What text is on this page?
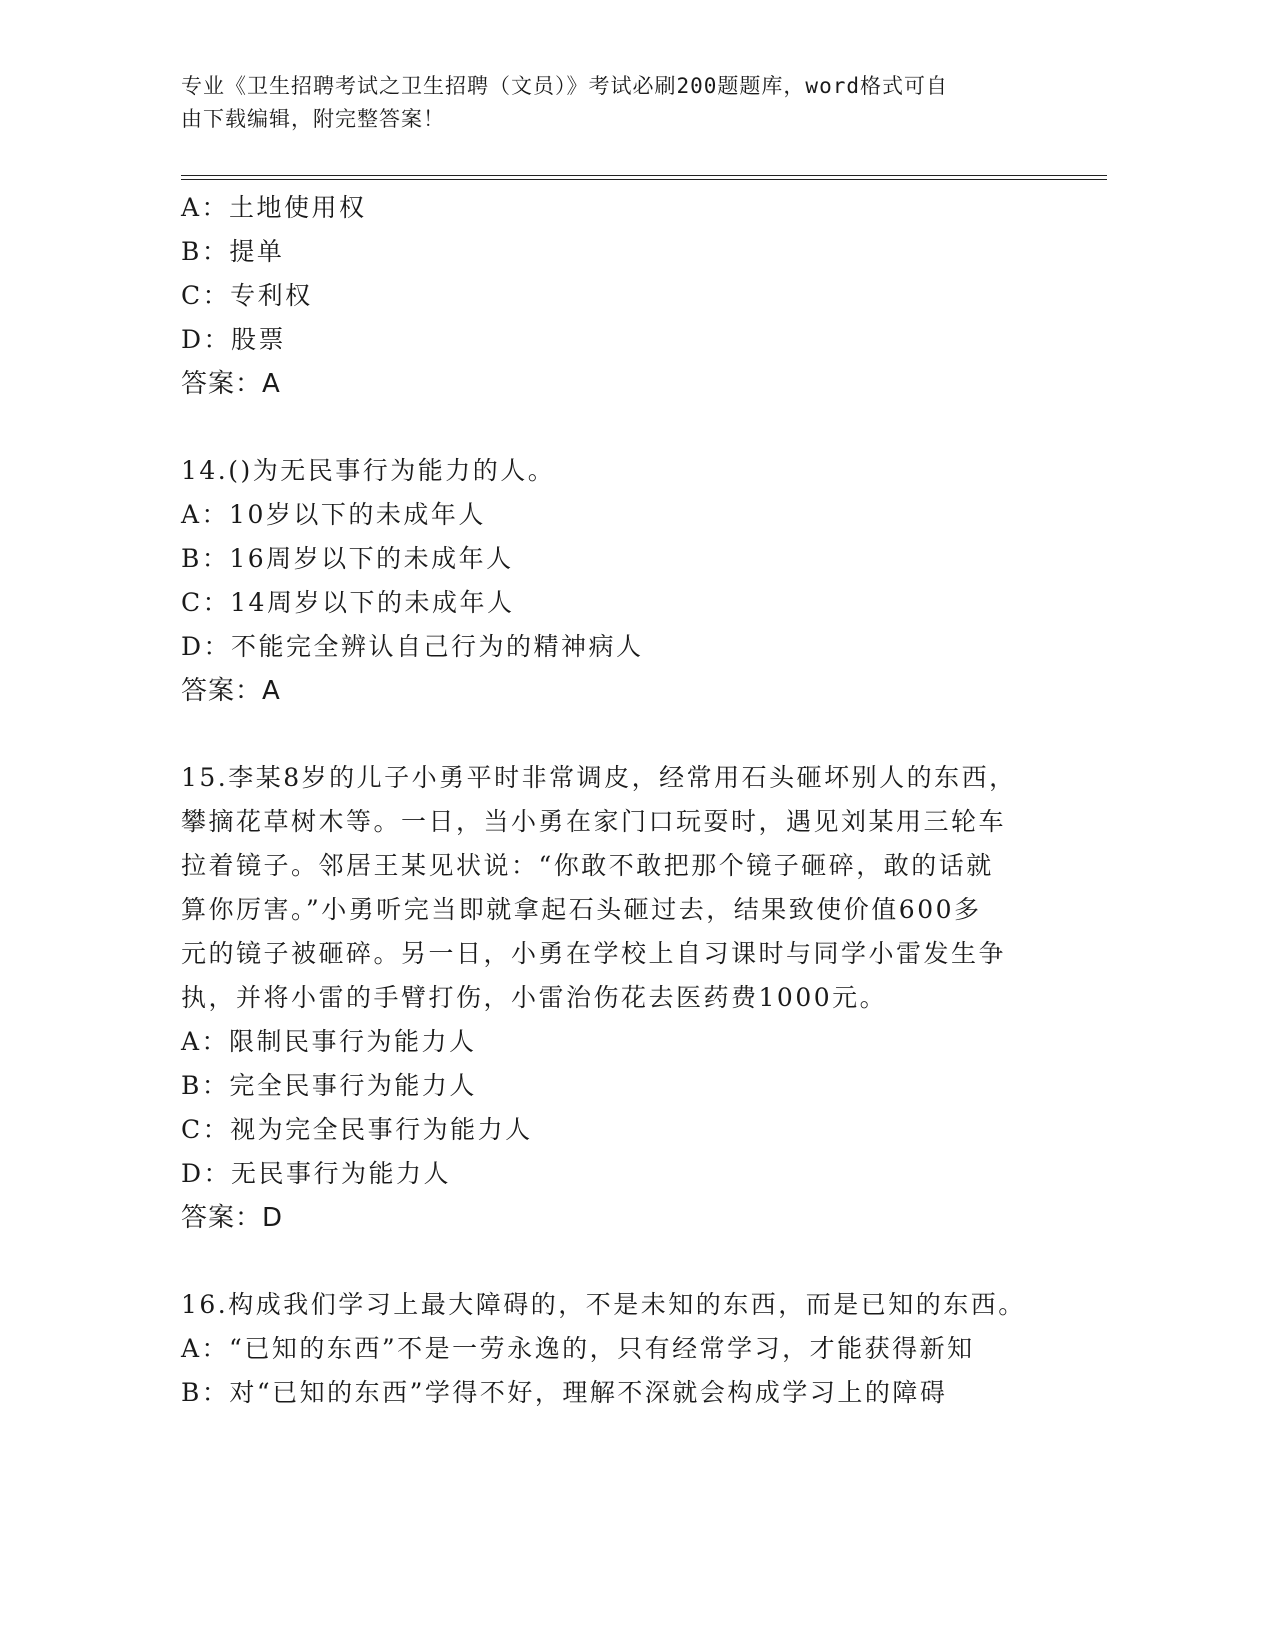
专业《卫生招聘考试之卫生招聘（文员）》考试必刷200题题库，word格式可自
由下载编辑，附完整答案！
A：土地使用权
B：提单
C：专利权
D：股票
答案：A
14.()为无民事行为能力的人。
A：10岁以下的未成年人
B：16周岁以下的未成年人
C：14周岁以下的未成年人
D：不能完全辨认自己行为的精神病人
答案：A
15.李某8岁的儿子小勇平时非常调皮，经常用石头砸坏别人的东西，
攀摘花草树木等。一日，当小勇在家门口玩耍时，遇见刘某用三轮车
拉着镜子。邻居王某见状说：“你敢不敢把那个镜子砸碎，敢的话就
算你厉害。”小勇听完当即就拿起石头砸过去，结果致使价值600多
元的镜子被砸碎。另一日，小勇在学校上自习课时与同学小雷发生争
执，并将小雷的手臂打伤，小雷治伤花去医药费1000元。
A：限制民事行为能力人
B：完全民事行为能力人
C：视为完全民事行为能力人
D：无民事行为能力人
答案：D
16.构成我们学习上最大障碍的，不是未知的东西，而是已知的东西。
A：“已知的东西”不是一劳永逸的，只有经常学习，才能获得新知
B：对“已知的东西”学得不好，理解不深就会构成学习上的障碍
